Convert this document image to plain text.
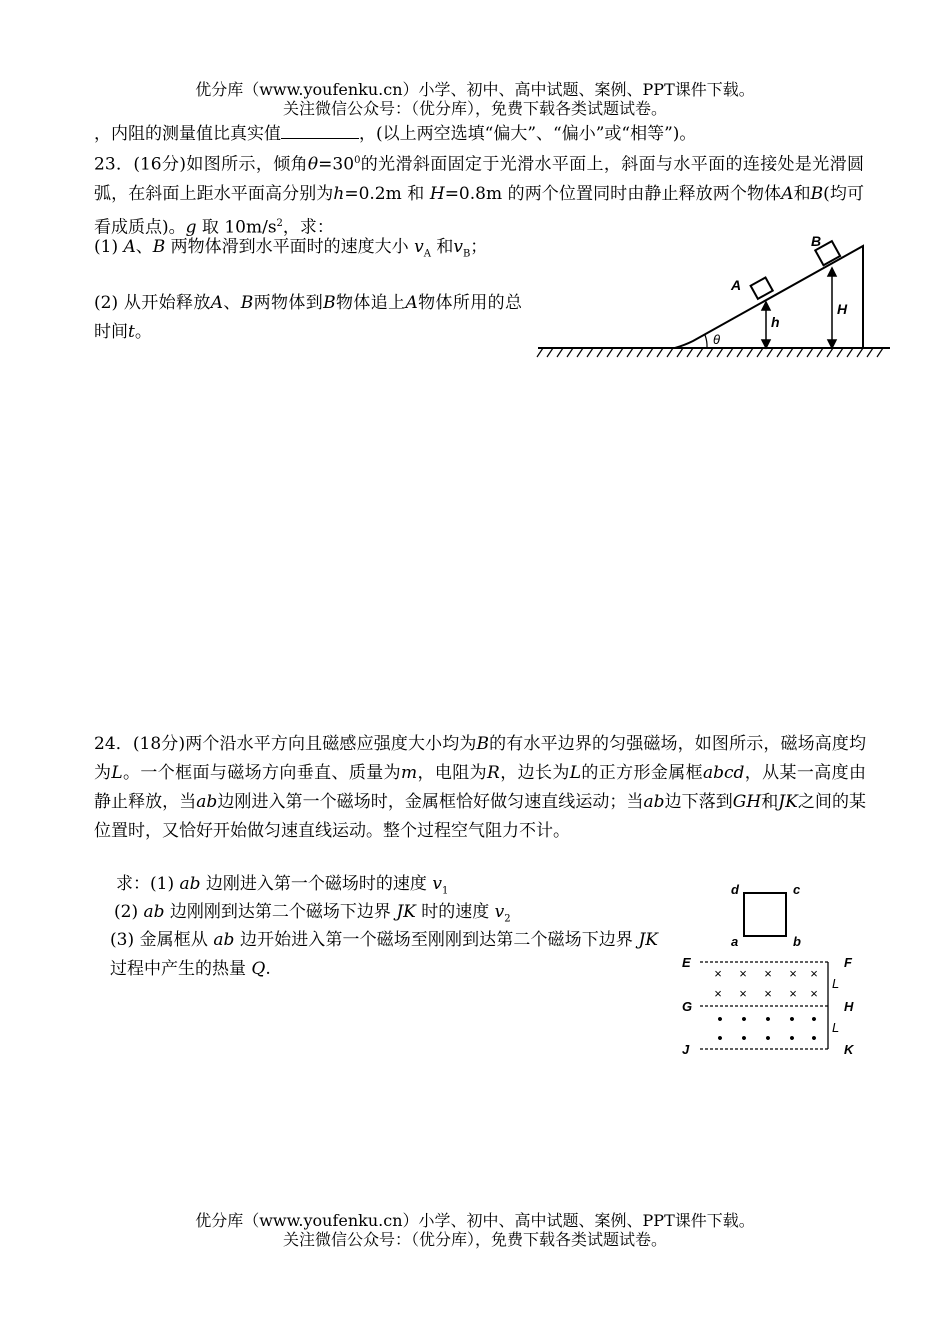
优分库（www.youfenku.cn）小学、初中、高中试题、案例、PPT课件下载。
关注微信公众号：（优分库），免费下载各类试题试卷。
，内阻的测量值比真实值	，(以上两空选填“偏大”、“偏小”或“相等”)。
23．(16分)如图所示，倾角$\theta=30^0$的光滑斜面固定于光滑水平面上，斜面与水平面的连接处是光滑圆弧，在斜面上距水平面高分别为h=0.2m 和 H=0.8m 的两个位置同时由静止释放两个物体A和B(均可看成质点)。g 取 $10m/s^2$，求：
(1) A、B 两物体滑到水平面时的速度大小 $v_A$ 和$v_B$；
(2) 从开始释放A、B两物体到B物体追上A物体所用的总时间t。	θ
A
B
h
H
24．(18分)两个沿水平方向且磁感应强度大小均为B的有水平边界的匀强磁场，如图所示，磁场高度均为L。一个框面与磁场方向垂直、质量为m，电阻为R，边长为L的正方形金属框abcd，从某一高度由静止释放，当ab边刚进入第一个磁场时，金属框恰好做匀速直线运动；当ab边下落到GH和JK之间的某位置时，又恰好开始做匀速直线运动。整个过程空气阻力不计。
求：(1) ab 边刚进入第一个磁场时的速度 $v_1$
(2) ab 边刚刚到达第二个磁场下边界 JK 时的速度 $v_2$
(3) 金属框从 ab 边开始进入第一个磁场至刚刚到达第二个磁场下边界 JK 过程中产生的热量 Q.
d	c
a	b
E	F
G	H
J	K
L
L
× × × × ×
× × × × ×
• • • • •
• • • • •
优分库（www.youfenku.cn）小学、初中、高中试题、案例、PPT课件下载。
关注微信公众号：（优分库），免费下载各类试题试卷。
